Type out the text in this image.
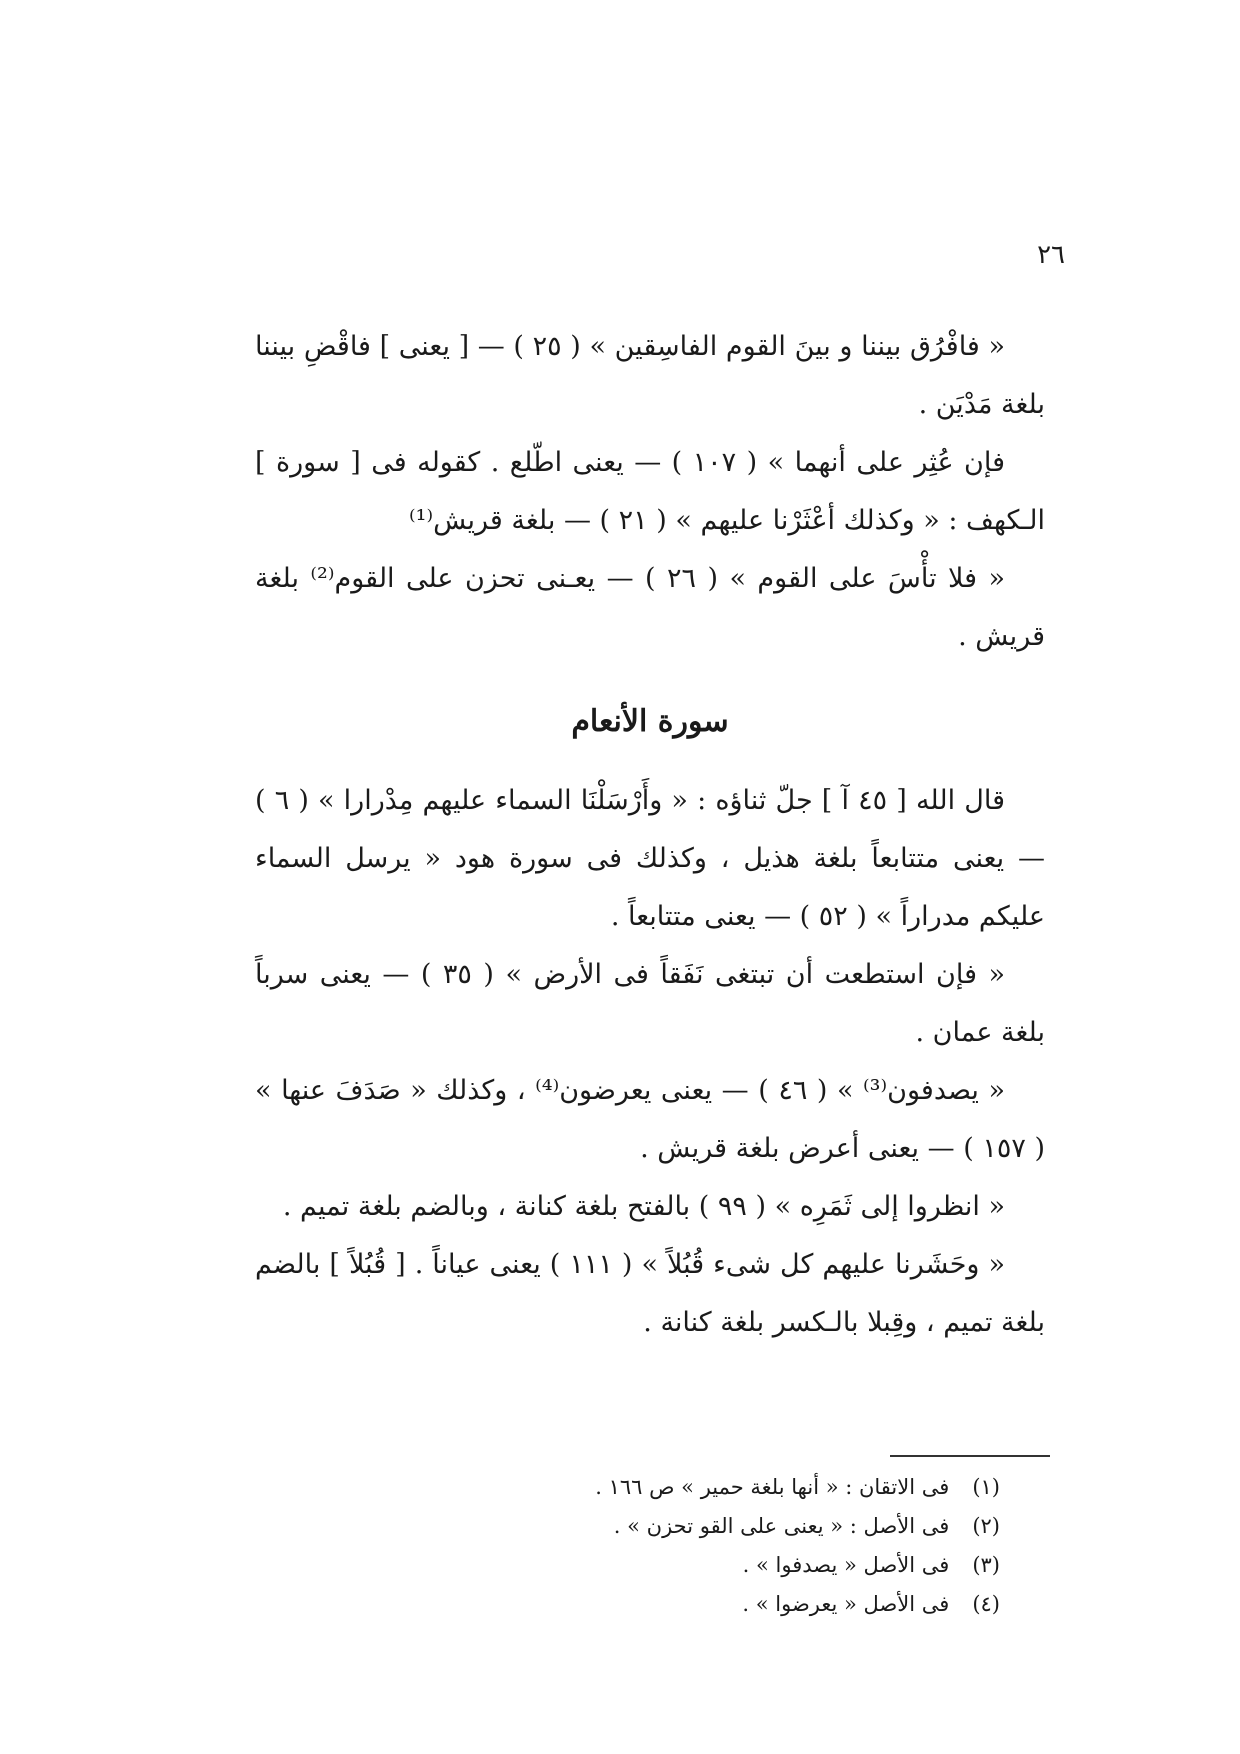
٢٦

« فافْرُق بيننا و بينَ القوم الفاسِقين » ( ٢٥ ) — [ يعنى ] فاقْضِ بيننا بلغة مَدْيَن .

فإن عُثِر على أنهما » ( ١٠٧ ) — يعنى اطّلع . كقوله فى [ سورة ] الـكهف : « وكذلك أعْثَرْنا عليهم » ( ٢١ ) — بلغة قريش⁽¹⁾

« فلا تأْسَ على القوم » ( ٢٦ ) — يعـنى تحزن على القوم⁽²⁾ بلغة قريش .

سورة الأنعام

قال الله [ ٤٥ آ ] جلّ ثناؤه : « وأَرْسَلْنَا السماء عليهم مِدْرارا » ( ٦ ) — يعنى متتابعاً بلغة هذيل ، وكذلك فى سورة هود « يرسل السماء عليكم مدراراً » ( ٥٢ ) — يعنى متتابعاً .

« فإن استطعت أن تبتغى نَفَقاً فى الأرض » ( ٣٥ ) — يعنى سرباً بلغة عمان .

« يصدفون⁽³⁾ » ( ٤٦ ) — يعنى يعرضون⁽⁴⁾ ، وكذلك « صَدَفَ عنها » ( ١٥٧ ) — يعنى أعرض بلغة قريش .

« انظروا إلى ثَمَرِه » ( ٩٩ ) بالفتح بلغة كنانة ، وبالضم بلغة تميم .

« وحَشَرنا عليهم كل شىء قُبُلاً » ( ١١١ ) يعنى عياناً . [ قُبُلاً ] بالضم بلغة تميم ، وقِبلا بالـكسر بلغة كنانة .

(١) فى الاتقان : « أنها بلغة حمير » ص ١٦٦ .

(٢) فى الأصل : « يعنى على القو تحزن » .

(٣) فى الأصل « يصدفوا » .

(٤) فى الأصل « يعرضوا » .
